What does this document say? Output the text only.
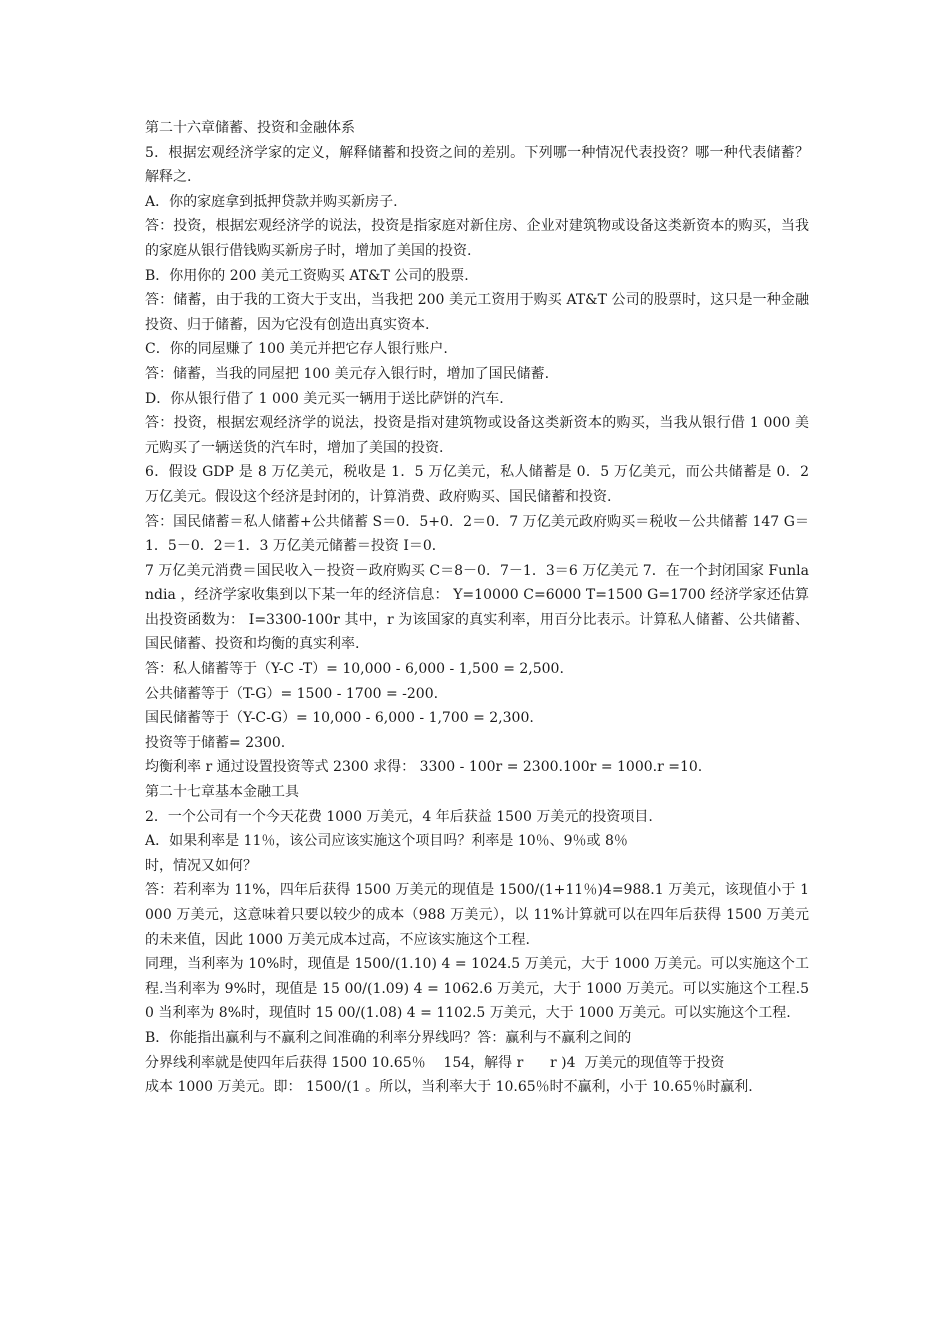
第二十六章储蓄、投资和金融体系
5．根据宏观经济学家的定义，解释储蓄和投资之间的差别。下列哪一种情况代表投资？哪一种代表储蓄？解释之.
A．你的家庭拿到抵押贷款并购买新房子.
答：投资，根据宏观经济学的说法，投资是指家庭对新住房、企业对建筑物或设备这类新资本的购买，当我的家庭从银行借钱购买新房子时，增加了美国的投资.
B．你用你的 200 美元工资购买 AT&T 公司的股票.
答：储蓄，由于我的工资大于支出，当我把 200 美元工资用于购买 AT&T 公司的股票时，这只是一种金融投资、归于储蓄，因为它没有创造出真实资本.
C．你的同屋赚了 100 美元并把它存人银行账户.
答：储蓄，当我的同屋把 100 美元存入银行时，增加了国民储蓄.
D．你从银行借了 1 000 美元买一辆用于送比萨饼的汽车.
答：投资，根据宏观经济学的说法，投资是指对建筑物或设备这类新资本的购买，当我从银行借 1 000 美元购买了一辆送货的汽车时，增加了美国的投资.
6．假设 GDP 是 8 万亿美元，税收是 1．5 万亿美元，私人储蓄是 0．5 万亿美元，而公共储蓄是 0．2 万亿美元。假设这个经济是封闭的，计算消费、政府购买、国民储蓄和投资.
答：国民储蓄＝私人储蓄+公共储蓄 S＝0．5+0．2＝0．7 万亿美元政府购买＝税收－公共储蓄 147 G＝1．5－0．2＝1．3 万亿美元储蓄＝投资 I＝0．
7 万亿美元消费＝国民收入－投资－政府购买 C＝8－0．7－1．3＝6 万亿美元 7．在一个封闭国家 Funlandia ，经济学家收集到以下某一年的经济信息： Y=10000 C=6000 T=1500 G=1700 经济学家还估算出投资函数为： I=3300-100r 其中，r 为该国家的真实利率，用百分比表示。计算私人储蓄、公共储蓄、国民储蓄、投资和均衡的真实利率.
答：私人储蓄等于（Y-C -T）= 10,000 - 6,000 - 1,500 = 2,500.
公共储蓄等于（T-G）= 1500 - 1700 = -200.
国民储蓄等于（Y-C-G）= 10,000 - 6,000 - 1,700 = 2,300.
投资等于储蓄= 2300.
均衡利率 r 通过设置投资等式 2300 求得： 3300 - 100r = 2300.100r = 1000.r =10.
第二十七章基本金融工具
2．一个公司有一个今天花费 1000 万美元，4 年后获益 1500 万美元的投资项目.
A．如果利率是 11％，该公司应该实施这个项目吗？利率是 10％、9％或 8％
时，情况又如何？
答：若利率为 11%，四年后获得 1500 万美元的现值是 1500/(1+11％)4=988.1 万美元，该现值小于 1000 万美元，这意味着只要以较少的成本（988 万美元），以 11%计算就可以在四年后获得 1500 万美元的未来值，因此 1000 万美元成本过高，不应该实施这个工程.
同理，当利率为 10%时，现值是 1500/(1.10) 4 = 1024.5 万美元，大于 1000 万美元。可以实施这个工程.当利率为 9%时，现值是 15 00/(1.09) 4 = 1062.6 万美元，大于 1000 万美元。可以实施这个工程.50 当利率为 8%时，现值时 15 00/(1.08) 4 = 1102.5 万美元，大于 1000 万美元。可以实施这个工程.
B．你能指出赢利与不赢利之间准确的利率分界线吗？答：赢利与不赢利之间的
分界线利率就是使四年后获得 1500 10.65％    154，解得 r      r )4  万美元的现值等于投资
成本 1000 万美元。即： 1500/(1 。所以，当利率大于 10.65％时不赢利，小于 10.65％时赢利.
